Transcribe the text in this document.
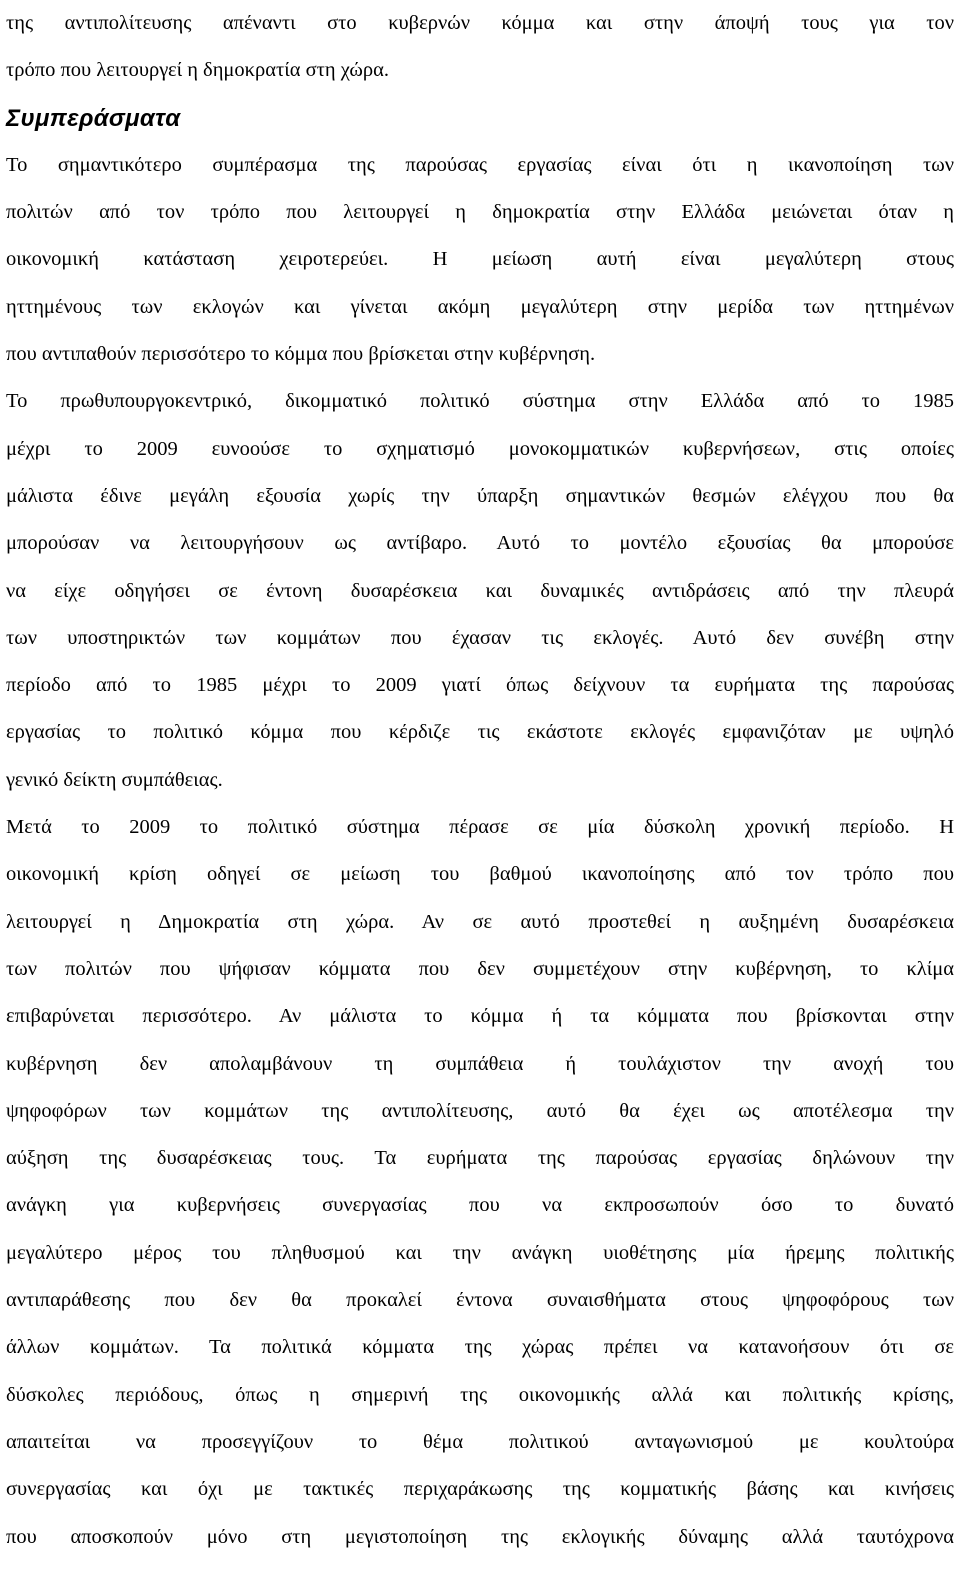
της αντιπολίτευσης απέναντι στο κυβερνών κόμμα και στην άποψή τους για τον
τρόπο που λειτουργεί η δημοκρατία στη χώρα.
Συμπεράσματα
Το σημαντικότερο συμπέρασμα της παρούσας εργασίας είναι ότι η ικανοποίηση των
πολιτών από τον τρόπο που λειτουργεί η δημοκρατία στην Ελλάδα μειώνεται όταν η
οικονομική κατάσταση χειροτερεύει. Η μείωση αυτή είναι μεγαλύτερη στους
ηττημένους των εκλογών και γίνεται ακόμη μεγαλύτερη στην μερίδα των ηττημένων
που αντιπαθούν περισσότερο το κόμμα που βρίσκεται στην κυβέρνηση.
Το πρωθυπουργοκεντρικό, δικομματικό πολιτικό σύστημα στην Ελλάδα από το 1985
μέχρι το 2009 ευνοούσε το σχηματισμό μονοκομματικών κυβερνήσεων, στις οποίες
μάλιστα έδινε μεγάλη εξουσία χωρίς την ύπαρξη σημαντικών θεσμών ελέγχου που θα
μπορούσαν να λειτουργήσουν ως αντίβαρο. Αυτό το μοντέλο εξουσίας θα μπορούσε
να είχε οδηγήσει σε έντονη δυσαρέσκεια και δυναμικές αντιδράσεις από την πλευρά
των υποστηρικτών των κομμάτων που έχασαν τις εκλογές. Αυτό δεν συνέβη στην
περίοδο από το 1985 μέχρι το 2009 γιατί όπως δείχνουν τα ευρήματα της παρούσας
εργασίας το πολιτικό κόμμα που κέρδιζε τις εκάστοτε εκλογές εμφανιζόταν με υψηλό
γενικό δείκτη συμπάθειας.
Μετά το 2009 το πολιτικό σύστημα πέρασε σε μία δύσκολη χρονική περίοδο. Η
οικονομική κρίση οδηγεί σε μείωση του βαθμού ικανοποίησης από τον τρόπο που
λειτουργεί η Δημοκρατία στη χώρα. Αν σε αυτό προστεθεί η αυξημένη δυσαρέσκεια
των πολιτών που ψήφισαν κόμματα που δεν συμμετέχουν στην κυβέρνηση, το κλίμα
επιβαρύνεται περισσότερο. Αν μάλιστα το κόμμα ή τα κόμματα που βρίσκονται στην
κυβέρνηση δεν απολαμβάνουν τη συμπάθεια ή τουλάχιστον την ανοχή του
ψηφοφόρων των κομμάτων της αντιπολίτευσης, αυτό θα έχει ως αποτέλεσμα την
αύξηση της δυσαρέσκειας τους. Τα ευρήματα της παρούσας εργασίας δηλώνουν την
ανάγκη για κυβερνήσεις συνεργασίας που να εκπροσωπούν όσο το δυνατό
μεγαλύτερο μέρος του πληθυσμού και την ανάγκη υιοθέτησης μία ήρεμης πολιτικής
αντιπαράθεσης που δεν θα προκαλεί έντονα συναισθήματα στους ψηφοφόρους των
άλλων κομμάτων. Τα πολιτικά κόμματα της χώρας πρέπει να κατανοήσουν ότι σε
δύσκολες περιόδους, όπως η σημερινή της οικονομικής αλλά και πολιτικής κρίσης,
απαιτείται να προσεγγίζουν το θέμα πολιτικού ανταγωνισμού με κουλτούρα
συνεργασίας και όχι με τακτικές περιχαράκωσης της κομματικής βάσης και κινήσεις
που αποσκοπούν μόνο στη μεγιστοποίηση της εκλογικής δύναμης αλλά ταυτόχρονα
